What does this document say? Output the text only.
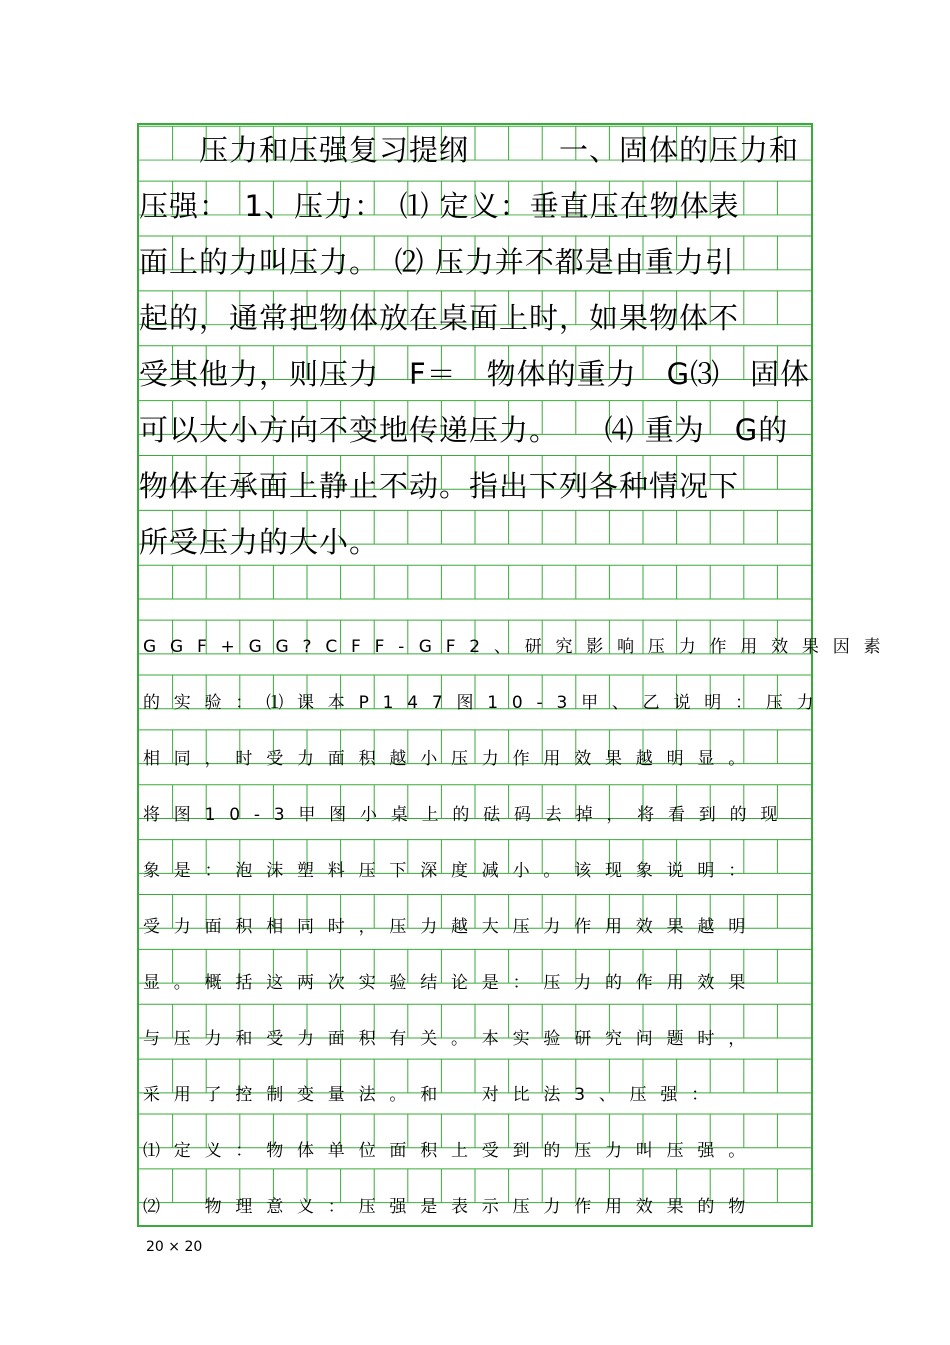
　　压力和压强复习提纲　　　一、固体的压力和
压强：　1、压力：　⑴ 定义：垂直压在物体表
面上的力叫压力。　⑵ 压力并不都是由重力引
起的，通常把物体放在桌面上时，如果物体不
受其他力，则压力　F＝　物体的重力　G⑶　固体
可以大小方向不变地传递压力。　　⑷ 重为　G的
物体在承面上静止不动。指出下列各种情况下
所受压力的大小。
GGF+GG?CFF-GF2、研究影响压力作用效果因素
的实验：⑴课本P147图10-3甲、乙说明：压力
相同，时受力面积越小压力作用效果越明显。
将图10-3甲图小桌上的砝码去掉，将看到的现
象是：泡沫塑料压下深度减小。该现象说明：
受力面积相同时，压力越大压力作用效果越明
显。概括这两次实验结论是：压力的作用效果
与压力和受力面积有关。本实验研究问题时，
采用了控制变量法。和　对比法3、压强：
⑴定义：物体单位面积上受到的压力叫压强。
⑵　物理意义：压强是表示压力作用效果的物
20 × 20
